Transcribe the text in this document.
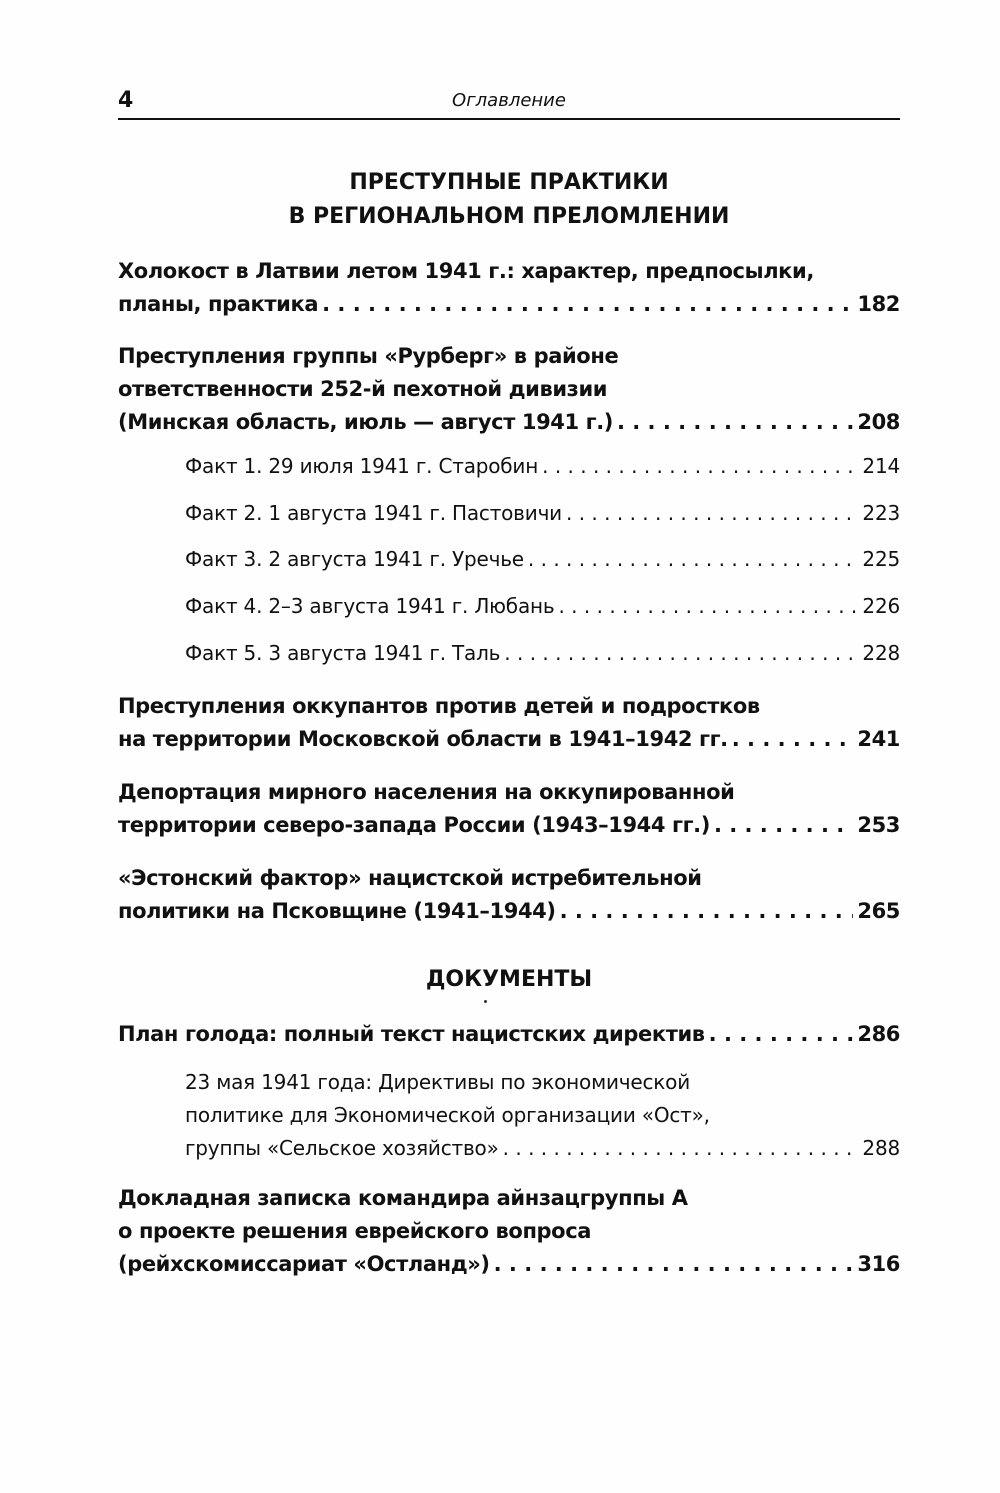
4	Оглавление
ПРЕСТУПНЫЕ ПРАКТИКИ
В РЕГИОНАЛЬНОМ ПРЕЛОМЛЕНИИ
Холокост в Латвии летом 1941 г.: характер, предпосылки,
планы, практика . . .	182
Преступления группы «Рурберг» в районе
ответственности 252-й пехотной дивизии
(Минская область, июль — август 1941 г.) . . .	208
Факт 1. 29 июля 1941 г. Старобин . . .	214
Факт 2. 1 августа 1941 г. Пастовичи . . .	223
Факт 3. 2 августа 1941 г. Уречье . . .	225
Факт 4. 2–3 августа 1941 г. Любань . . .	226
Факт 5. 3 августа 1941 г. Таль . . .	228
Преступления оккупантов против детей и подростков
на территории Московской области в 1941–1942 гг. . . .	241
Депортация мирного населения на оккупированной
территории северо-запада России (1943–1944 гг.) . . .	253
«Эстонский фактор» нацистской истребительной
политики на Псковщине (1941–1944) . . .	265
ДОКУМЕНТЫ
План голода: полный текст нацистских директив . . .	286
23 мая 1941 года: Директивы по экономической
политике для Экономической организации «Ост»,
группы «Сельское хозяйство» . . .	288
Докладная записка командира айнзацгруппы А
о проекте решения еврейского вопроса
(рейхскомиссариат «Остланд») . . .	316
